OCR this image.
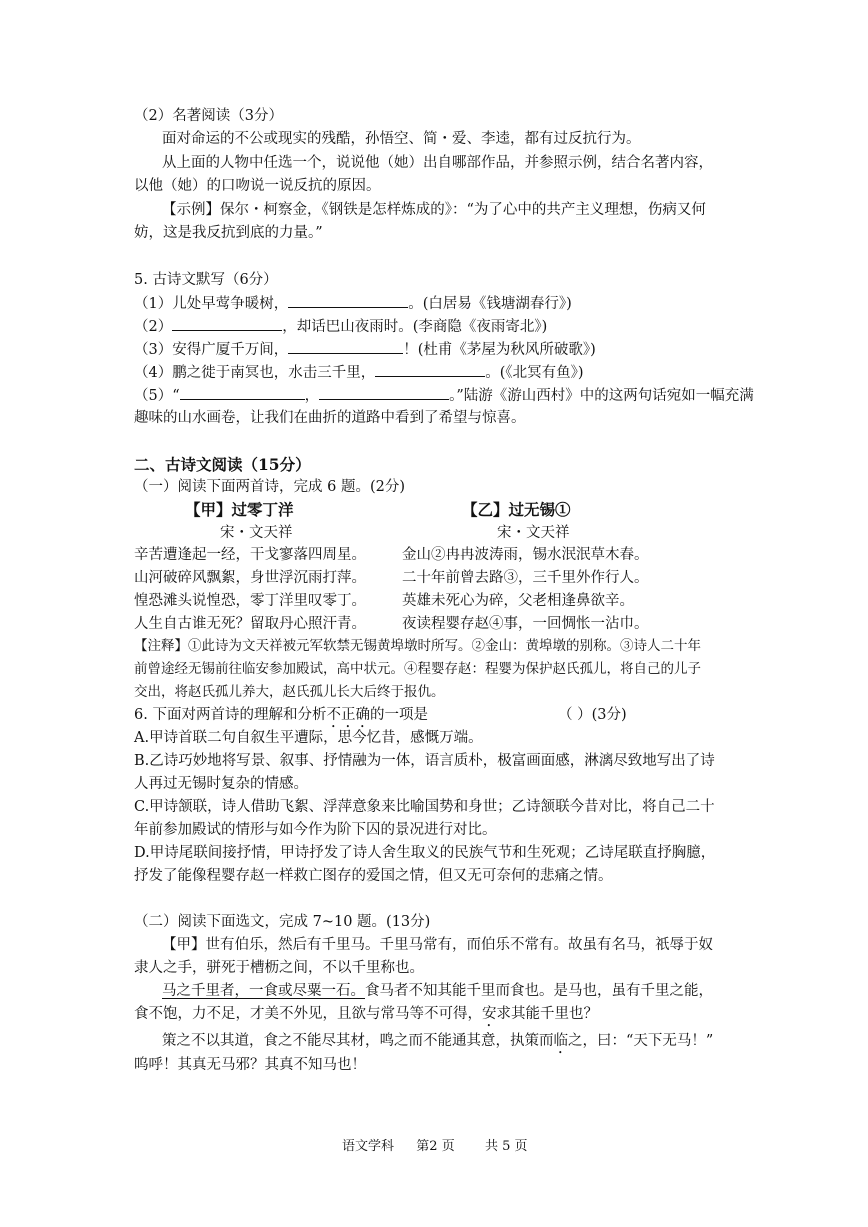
（2）名著阅读（3分）
面对命运的不公或现实的残酷，孙悟空、简・爱、李逵，都有过反抗行为。
从上面的人物中任选一个，说说他（她）出自哪部作品，并参照示例，结合名著内容，
以他（她）的口吻说一说反抗的原因。
【示例】保尔・柯察金，《钢铁是怎样炼成的》：“为了心中的共产主义理想，伤病又何
妨，这是我反抗到底的力量。”
5. 古诗文默写（6分）
（1）儿处早莺争暖树，	。(白居易《钱塘湖春行》)
（2）	，却话巴山夜雨时。(李商隐《夜雨寄北》)
（3）安得广厦千万间，	！(杜甫《茅屋为秋风所破歌》)
（4）鹏之徙于南冥也，水击三千里，	。(《北冥有鱼》)
（5）“	，	。”陆游《游山西村》中的这两句话宛如一幅充满
趣味的山水画卷，让我们在曲折的道路中看到了希望与惊喜。
二、古诗文阅读（15分）
（一）阅读下面两首诗，完成 6 题。(2分)
【甲】过零丁洋	【乙】过无锡①
宋・文天祥	宋・文天祥
辛苦遭逢起一经，干戈寥落四周星。 金山②冉冉波涛雨，锡水泯泯草木春。
山河破碎风飘絮，身世浮沉雨打萍。 二十年前曾去路③，三千里外作行人。
惶恐滩头说惶恐，零丁洋里叹零丁。 英雄未死心为碎，父老相逢鼻欲辛。
人生自古谁无死？留取丹心照汗青。 夜读程婴存赵④事，一回惆怅一沾巾。
【注释】①此诗为文天祥被元军软禁无锡黄埠墩时所写。②金山：黄埠墩的别称。③诗人二十年
前曾途经无锡前往临安参加殿试，高中状元。④程婴存赵：程婴为保护赵氏孤儿，将自己的儿子
交出，将赵氏孤儿养大，赵氏孤儿长大后终于报仇。
6. 下面对两首诗的理解和分析不正确的一项是	（ ）(3分)
A.甲诗首联二句自叙生平遭际，思今忆昔，感慨万端。
B.乙诗巧妙地将写景、叙事、抒情融为一体，语言质朴，极富画面感，淋漓尽致地写出了诗
人再过无锡时复杂的情感。
C.甲诗颔联，诗人借助飞絮、浮萍意象来比喻国势和身世；乙诗颔联今昔对比，将自己二十
年前参加殿试的情形与如今作为阶下囚的景况进行对比。
D.甲诗尾联间接抒情，甲诗抒发了诗人舍生取义的民族气节和生死观；乙诗尾联直抒胸臆，
抒发了能像程婴存赵一样救亡图存的爱国之情，但又无可奈何的悲痛之情。
（二）阅读下面选文，完成 7~10 题。(13分)
【甲】世有伯乐，然后有千里马。千里马常有，而伯乐不常有。故虽有名马，祇辱于奴
隶人之手，骈死于槽枥之间，不以千里称也。
马之千里者，一食或尽粟一石。食马者不知其能千里而食也。是马也，虽有千里之能，
食不饱，力不足，才美不外见，且欲与常马等不可得，安求其能千里也？
策之不以其道，食之不能尽其材，鸣之而不能通其意，执策而临之，曰：“天下无马！”
呜呼！其真无马邪？其真不知马也！
语文学科 第2 页 共 5 页
